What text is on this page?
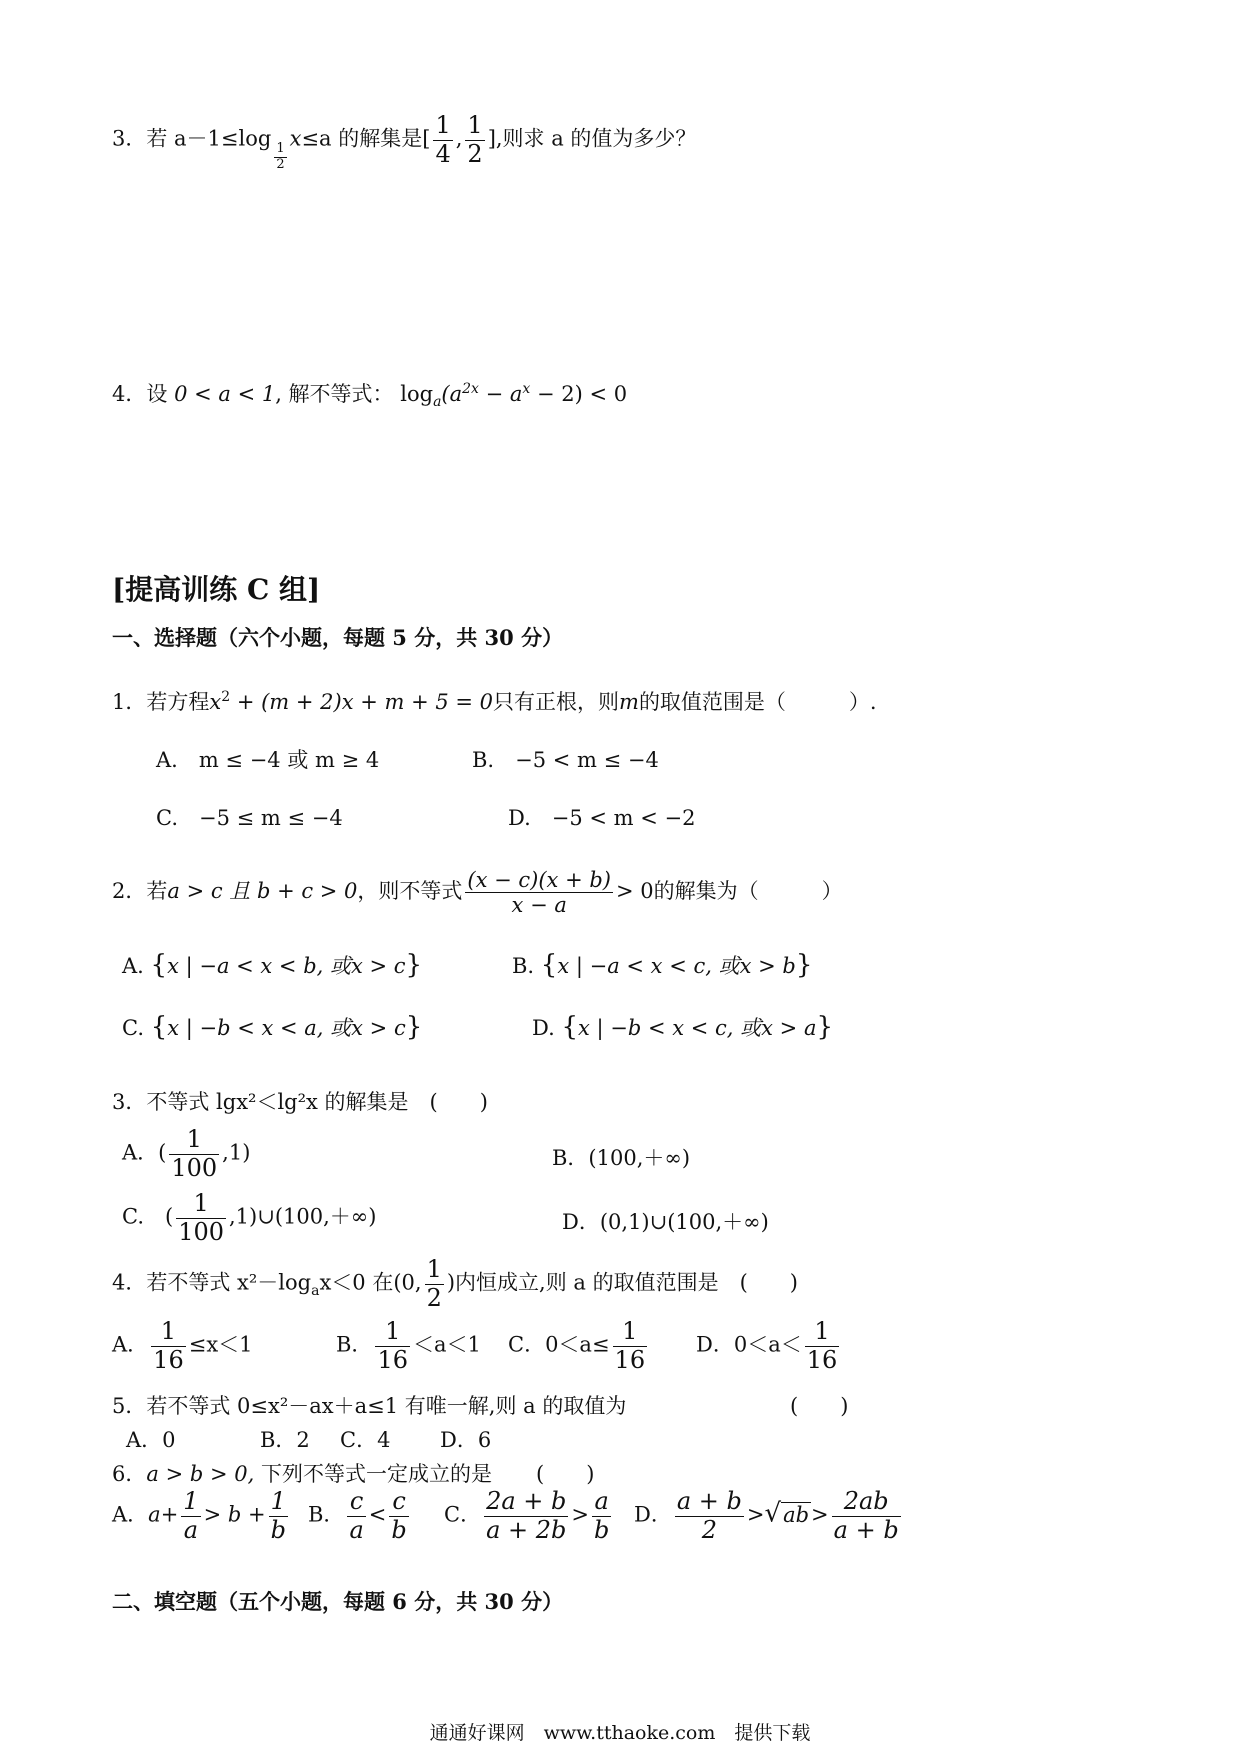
3．若 a－1≤log
$\frac{1}{2}$
x≤a 的解集是[ $\frac{1}{4}$ , $\frac{1}{2}$ ],则求 a 的值为多少？
4．设 0 < a < 1, 解不等式： $\log_a(a^{2x} - a^x - 2) < 0$
[提高训练 C 组]
一、选择题（六个小题，每题 5 分，共 30 分）
1．若方程$x^2 + (m + 2)x + m + 5 = 0$只有正根，则m的取值范围是（　　　）.
A.　m ≤ −4 或 m ≥ 4	B.　−5 < m ≤ −4
C.　−5 ≤ m ≤ −4	D.　−5 < m < −2
2．若a > c 且 b + c > 0，则不等式 $\frac{(x - c)(x + b)}{x - a} > 0$的解集为（　　　）
A. {x | −a < x < b, 或x > c}	B. {x | −a < x < c, 或x > b}
C. {x | −b < x < a, 或x > c}	D. {x | −b < x < c, 或x > a}
3．不等式 lgx²＜lg²x 的解集是　(　　)
A．( $\frac{1}{100} ,1$)	B．(100,＋∞)
C.　( $\frac{1}{100}$ ,1)∪(100,＋∞)	D．(0,1)∪(100,＋∞)
4．若不等式 $x^2-\log_ax<0$ 在(0, $\frac{1}{2}$ )内恒成立,则 a 的取值范围是　(　　)
A． $\frac{1}{16} \le x<1$	B． $\frac{1}{16} <a<1$ C．$0<a\le \frac{1}{16}$ D．$0<a< \frac{1}{16}$
5．若不等式 0≤x²－ax＋a≤1 有唯一解,则 a 的取值为	(　　)
A．0	B．2 C．4 D．6
6．a > b > 0, 下列不等式一定成立的是 (　　)
A．$a+ \frac{1}{a} > b + \frac{1}{b}$ B． $\frac{c}{a} < \frac{c}{b}$ C． $\frac{2a + b}{a + 2b} > \frac{a}{b}$ D． $\frac{a + b}{2} >√ab> \frac{2ab}{a + b}$
二、填空题（五个小题，每题 6 分，共 30 分）
通通好课网　www.tthaoke.com　提供下载
